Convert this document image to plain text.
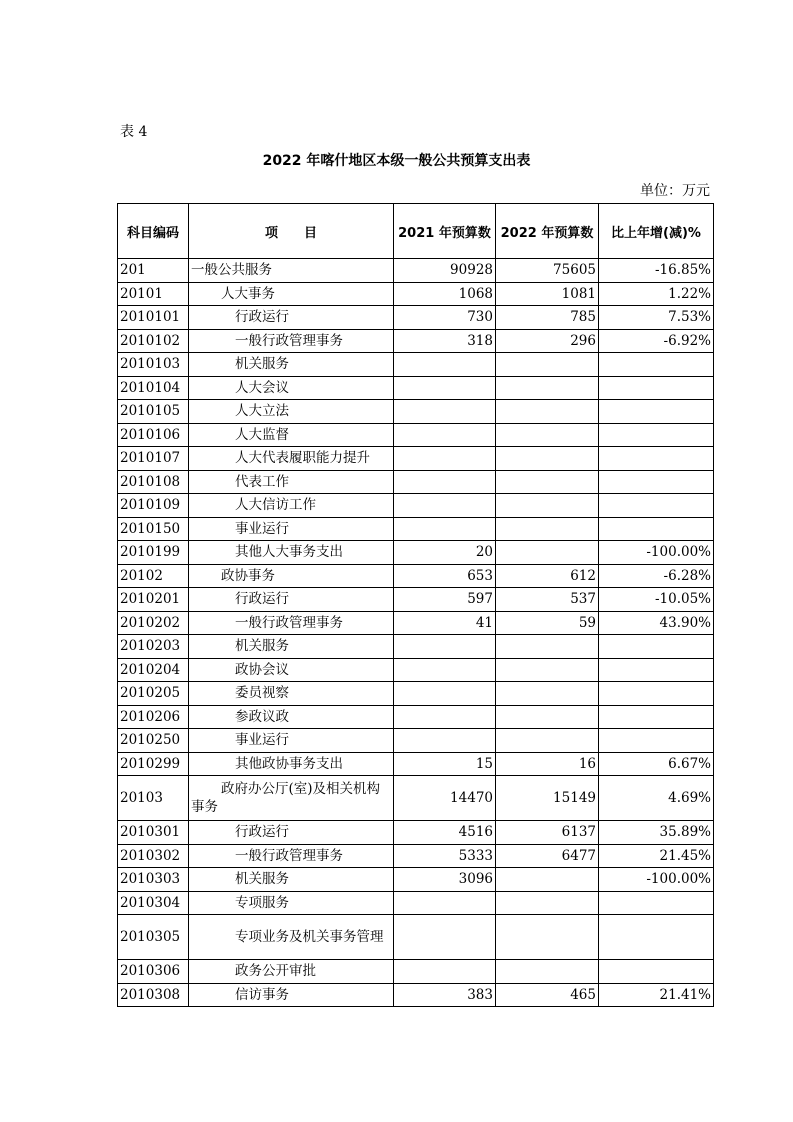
表 4
2022 年喀什地区本级一般公共预算支出表
单位：万元
科目编码	项　　目	2021 年预算数	2022 年预算数	比上年增(减)%
201	一般公共服务	90928	75605	-16.85%
20101	人大事务	1068	1081	1.22%
2010101	行政运行	730	785	7.53%
2010102	一般行政管理事务	318	296	-6.92%
2010103	机关服务			
2010104	人大会议			
2010105	人大立法			
2010106	人大监督			
2010107	人大代表履职能力提升			
2010108	代表工作			
2010109	人大信访工作			
2010150	事业运行			
2010199	其他人大事务支出	20		-100.00%
20102	政协事务	653	612	-6.28%
2010201	行政运行	597	537	-10.05%
2010202	一般行政管理事务	41	59	43.90%
2010203	机关服务			
2010204	政协会议			
2010205	委员视察			
2010206	参政议政			
2010250	事业运行			
2010299	其他政协事务支出	15	16	6.67%
20103	政府办公厅(室)及相关机构事务	14470	15149	4.69%
2010301	行政运行	4516	6137	35.89%
2010302	一般行政管理事务	5333	6477	21.45%
2010303	机关服务	3096		-100.00%
2010304	专项服务			
2010305	专项业务及机关事务管理			
2010306	政务公开审批			
2010308	信访事务	383	465	21.41%
